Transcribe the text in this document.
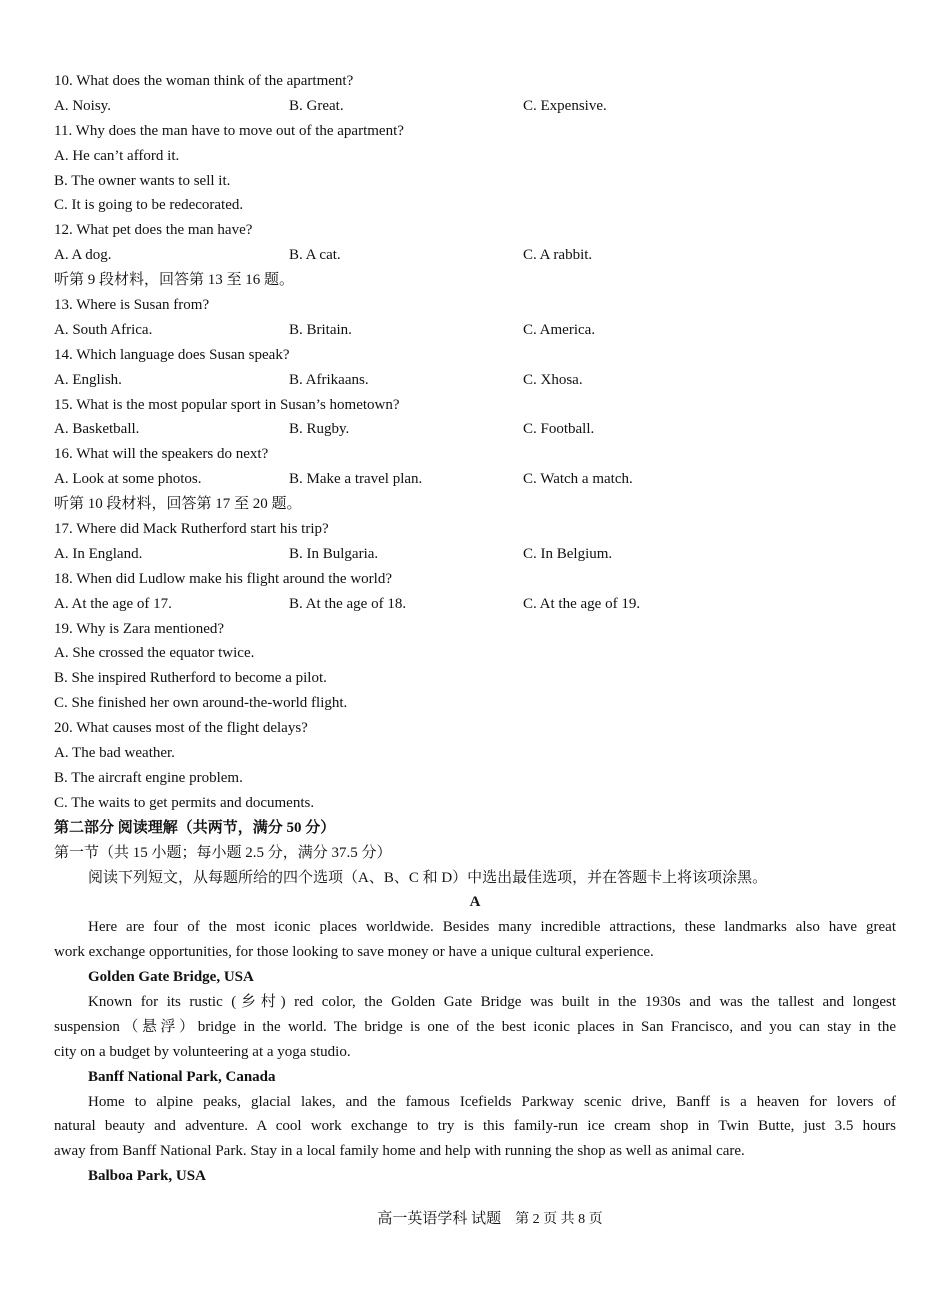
10. What does the woman think of the apartment?
A. Noisy.	B. Great.	C. Expensive.
11. Why does the man have to move out of the apartment?
A. He can’t afford it.
B. The owner wants to sell it.
C. It is going to be redecorated.
12. What pet does the man have?
A. A dog.	B. A cat.	C. A rabbit.
听第 9 段材料，回答第 13 至 16 题。
13. Where is Susan from?
A. South Africa.	B. Britain.	C. America.
14. Which language does Susan speak?
A. English.	B. Afrikaans.	C. Xhosa.
15. What is the most popular sport in Susan’s hometown?
A. Basketball.	B. Rugby.	C. Football.
16. What will the speakers do next?
A. Look at some photos.	B. Make a travel plan.	C. Watch a match.
听第 10 段材料，回答第 17 至 20 题。
17. Where did Mack Rutherford start his trip?
A. In England.	B. In Bulgaria.	C. In Belgium.
18. When did Ludlow make his flight around the world?
A. At the age of 17.	B. At the age of 18.	C. At the age of 19.
19. Why is Zara mentioned?
A. She crossed the equator twice.
B. She inspired Rutherford to become a pilot.
C. She finished her own around-the-world flight.
20. What causes most of the flight delays?
A. The bad weather.
B. The aircraft engine problem.
C. The waits to get permits and documents.
第二部分 阅读理解（共两节，满分 50 分）
第一节（共 15 小题；每小题 2.5 分，满分 37.5 分）
阅读下列短文，从每题所给的四个选项（A、B、C 和 D）中选出最佳选项，并在答题卡上将该项涂黑。
A
Here are four of the most iconic places worldwide. Besides many incredible attractions, these landmarks also have great
work exchange opportunities, for those looking to save money or have a unique cultural experience.
Golden Gate Bridge, USA
Known for its rustic (乡村) red color, the Golden Gate Bridge was built in the 1930s and was the tallest and longest
suspension（悬浮）bridge in the world. The bridge is one of the best iconic places in San Francisco, and you can stay in the
city on a budget by volunteering at a yoga studio.
Banff National Park, Canada
Home to alpine peaks, glacial lakes, and the famous Icefields Parkway scenic drive, Banff is a heaven for lovers of
natural beauty and adventure. A cool work exchange to try is this family-run ice cream shop in Twin Butte, just 3.5 hours
away from Banff National Park. Stay in a local family home and help with running the shop as well as animal care.
Balboa Park, USA
高一英语学科 试题 第 2 页 共 8 页
